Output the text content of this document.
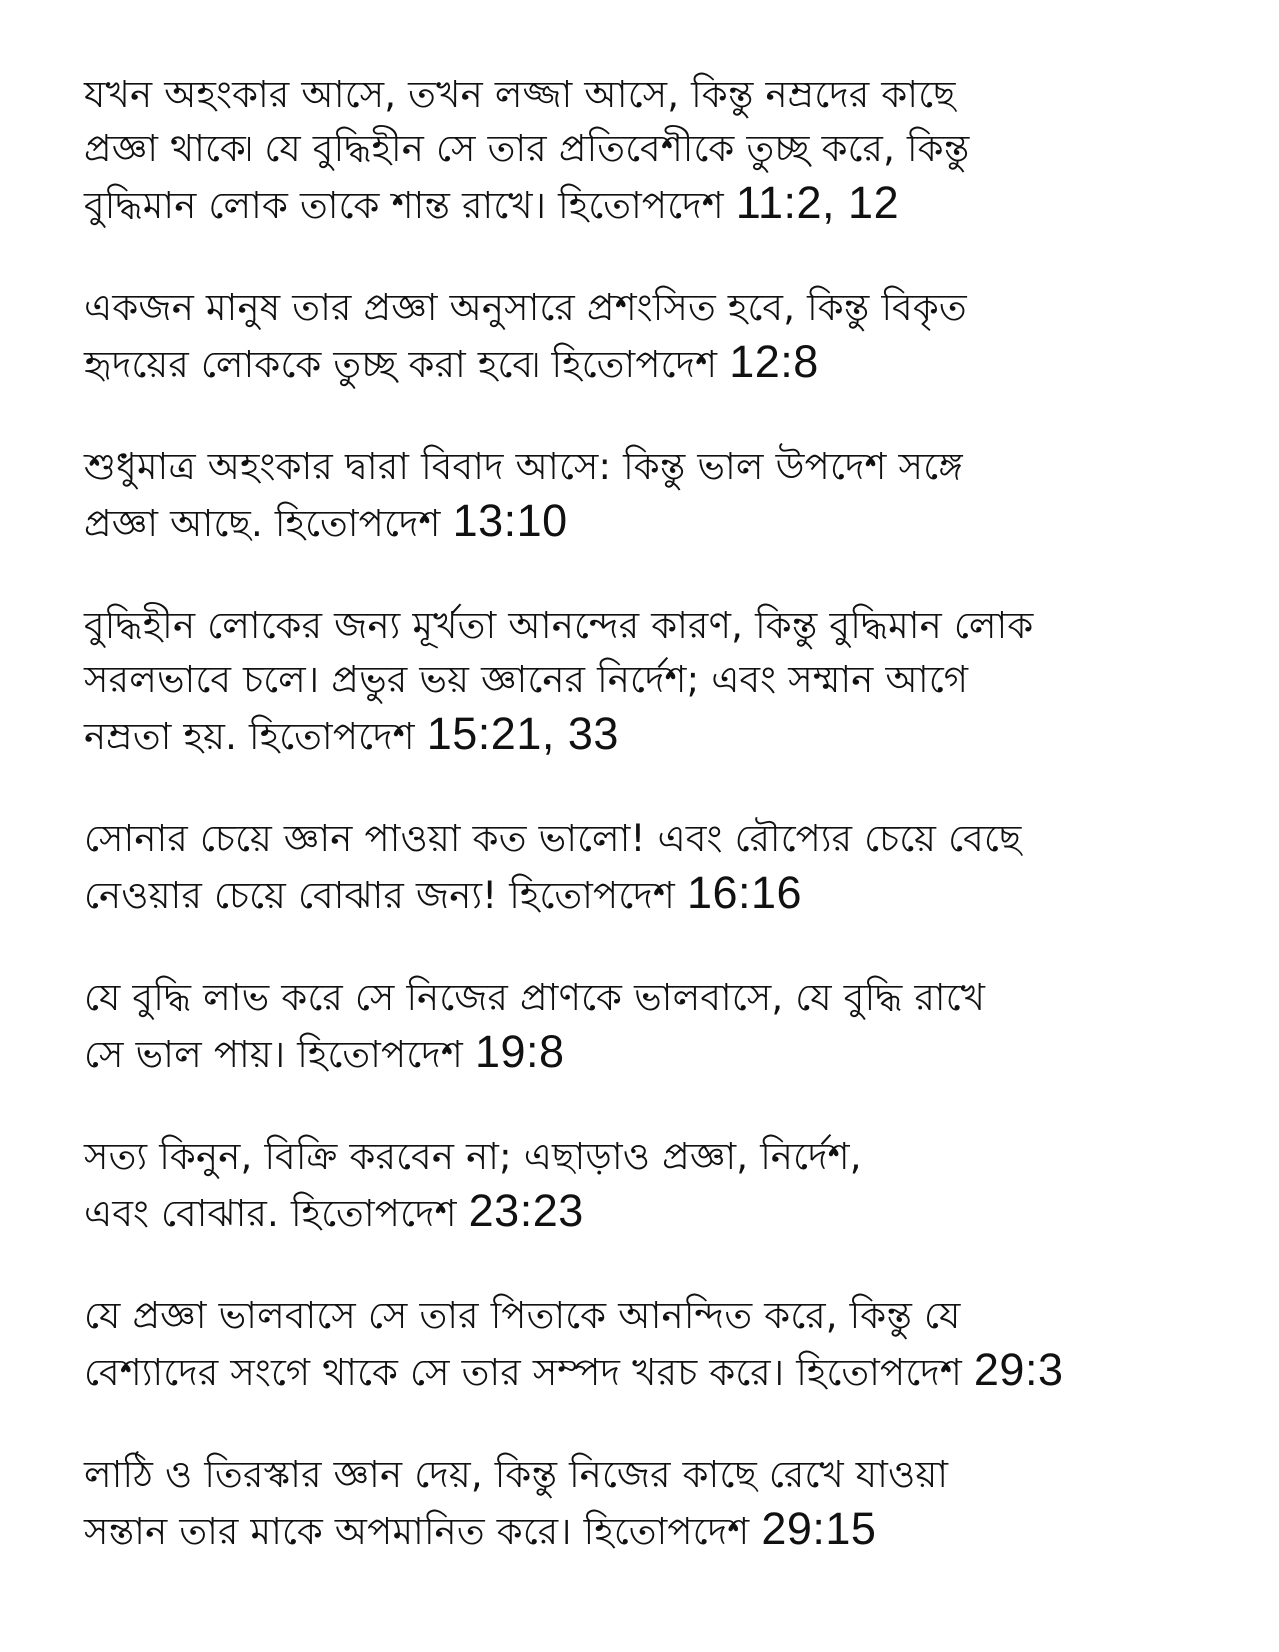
যখন অহংকার আসে, তখন লজ্জা আসে, কিন্তু নম্রদের কাছে
প্রজ্ঞা থাকে৷ যে বুদ্ধিহীন সে তার প্রতিবেশীকে তুচ্ছ করে, কিন্তু
বুদ্ধিমান লোক তাকে শান্ত রাখে। হিতোপদেশ 11:2, 12

একজন মানুষ তার প্রজ্ঞা অনুসারে প্রশংসিত হবে, কিন্তু বিকৃত
হৃদয়ের লোককে তুচ্ছ করা হবে৷ হিতোপদেশ 12:8

শুধুমাত্র অহংকার দ্বারা বিবাদ আসে: কিন্তু ভাল উপদেশ সঙ্গে
প্রজ্ঞা আছে. হিতোপদেশ 13:10

বুদ্ধিহীন লোকের জন্য মূর্খতা আনন্দের কারণ, কিন্তু বুদ্ধিমান লোক
সরলভাবে চলে। প্রভুর ভয় জ্ঞানের নির্দেশ; এবং সম্মান আগে
নম্রতা হয়. হিতোপদেশ 15:21, 33

সোনার চেয়ে জ্ঞান পাওয়া কত ভালো! এবং রৌপ্যের চেয়ে বেছে
নেওয়ার চেয়ে বোঝার জন্য! হিতোপদেশ 16:16

যে বুদ্ধি লাভ করে সে নিজের প্রাণকে ভালবাসে, যে বুদ্ধি রাখে
সে ভাল পায়। হিতোপদেশ 19:8

সত্য কিনুন, বিক্রি করবেন না; এছাড়াও প্রজ্ঞা, নির্দেশ,
এবং বোঝার. হিতোপদেশ 23:23

যে প্রজ্ঞা ভালবাসে সে তার পিতাকে আনন্দিত করে, কিন্তু যে
বেশ্যাদের সংগে থাকে সে তার সম্পদ খরচ করে। হিতোপদেশ 29:3

লাঠি ও তিরস্কার জ্ঞান দেয়, কিন্তু নিজের কাছে রেখে যাওয়া
সন্তান তার মাকে অপমানিত করে। হিতোপদেশ 29:15
